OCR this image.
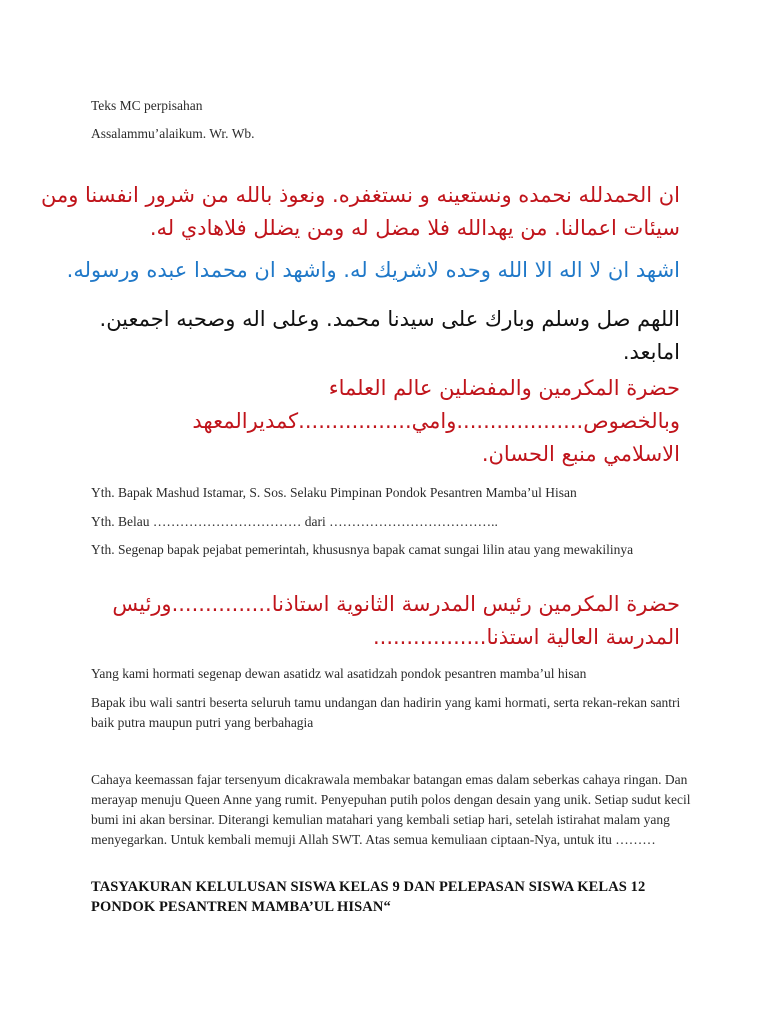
Teks MC perpisahan
Assalammu’alaikum. Wr. Wb.
ان الحمدلله نحمده ونستعينه و نستغفره. ونعوذ بالله من شرور انفسنا ومن
سيئات اعمالنا. من يهدالله فلا مضل له ومن يضلل فلاهادي له.
اشهد ان لا اله الا الله وحده لاشريك له. واشهد ان محمدا عبده ورسوله.
اللهم صل وسلم وبارك على سيدنا محمد. وعلى اله وصحبه اجمعين.
امابعد.
حضرة المكرمين والمفضلين عالم العلماء
وبالخصوص...................وامي.................كمديرالمعهد
الاسلامي منبع الحسان.
Yth. Bapak Mashud Istamar, S. Sos. Selaku Pimpinan Pondok Pesantren Mamba’ul Hisan
Yth. Belau …………………………… dari ………………………………..
Yth. Segenap bapak pejabat pemerintah, khususnya bapak camat sungai lilin atau yang mewakilinya
حضرة المكرمين رئيس المدرسة الثانوية استاذنا...............ورئيس
المدرسة العالية استذنا.................
Yang kami hormati segenap dewan asatidz wal asatidzah pondok pesantren mamba’ul hisan
Bapak ibu wali santri beserta seluruh tamu undangan dan hadirin yang kami hormati, serta rekan-rekan santri baik putra maupun putri yang berbahagia
Cahaya keemassan fajar tersenyum dicakrawala membakar batangan emas dalam seberkas cahaya ringan. Dan merayap menuju Queen Anne yang rumit. Penyepuhan putih polos dengan desain yang unik. Setiap sudut kecil bumi ini akan bersinar. Diterangi kemulian matahari yang kembali setiap hari, setelah istirahat malam yang menyegarkan. Untuk kembali memuji Allah SWT. Atas semua kemuliaan ciptaan-Nya, untuk itu ………
TASYAKURAN KELULUSAN SISWA KELAS 9 DAN PELEPASAN SISWA KELAS 12 PONDOK PESANTREN MAMBA’UL HISAN“
